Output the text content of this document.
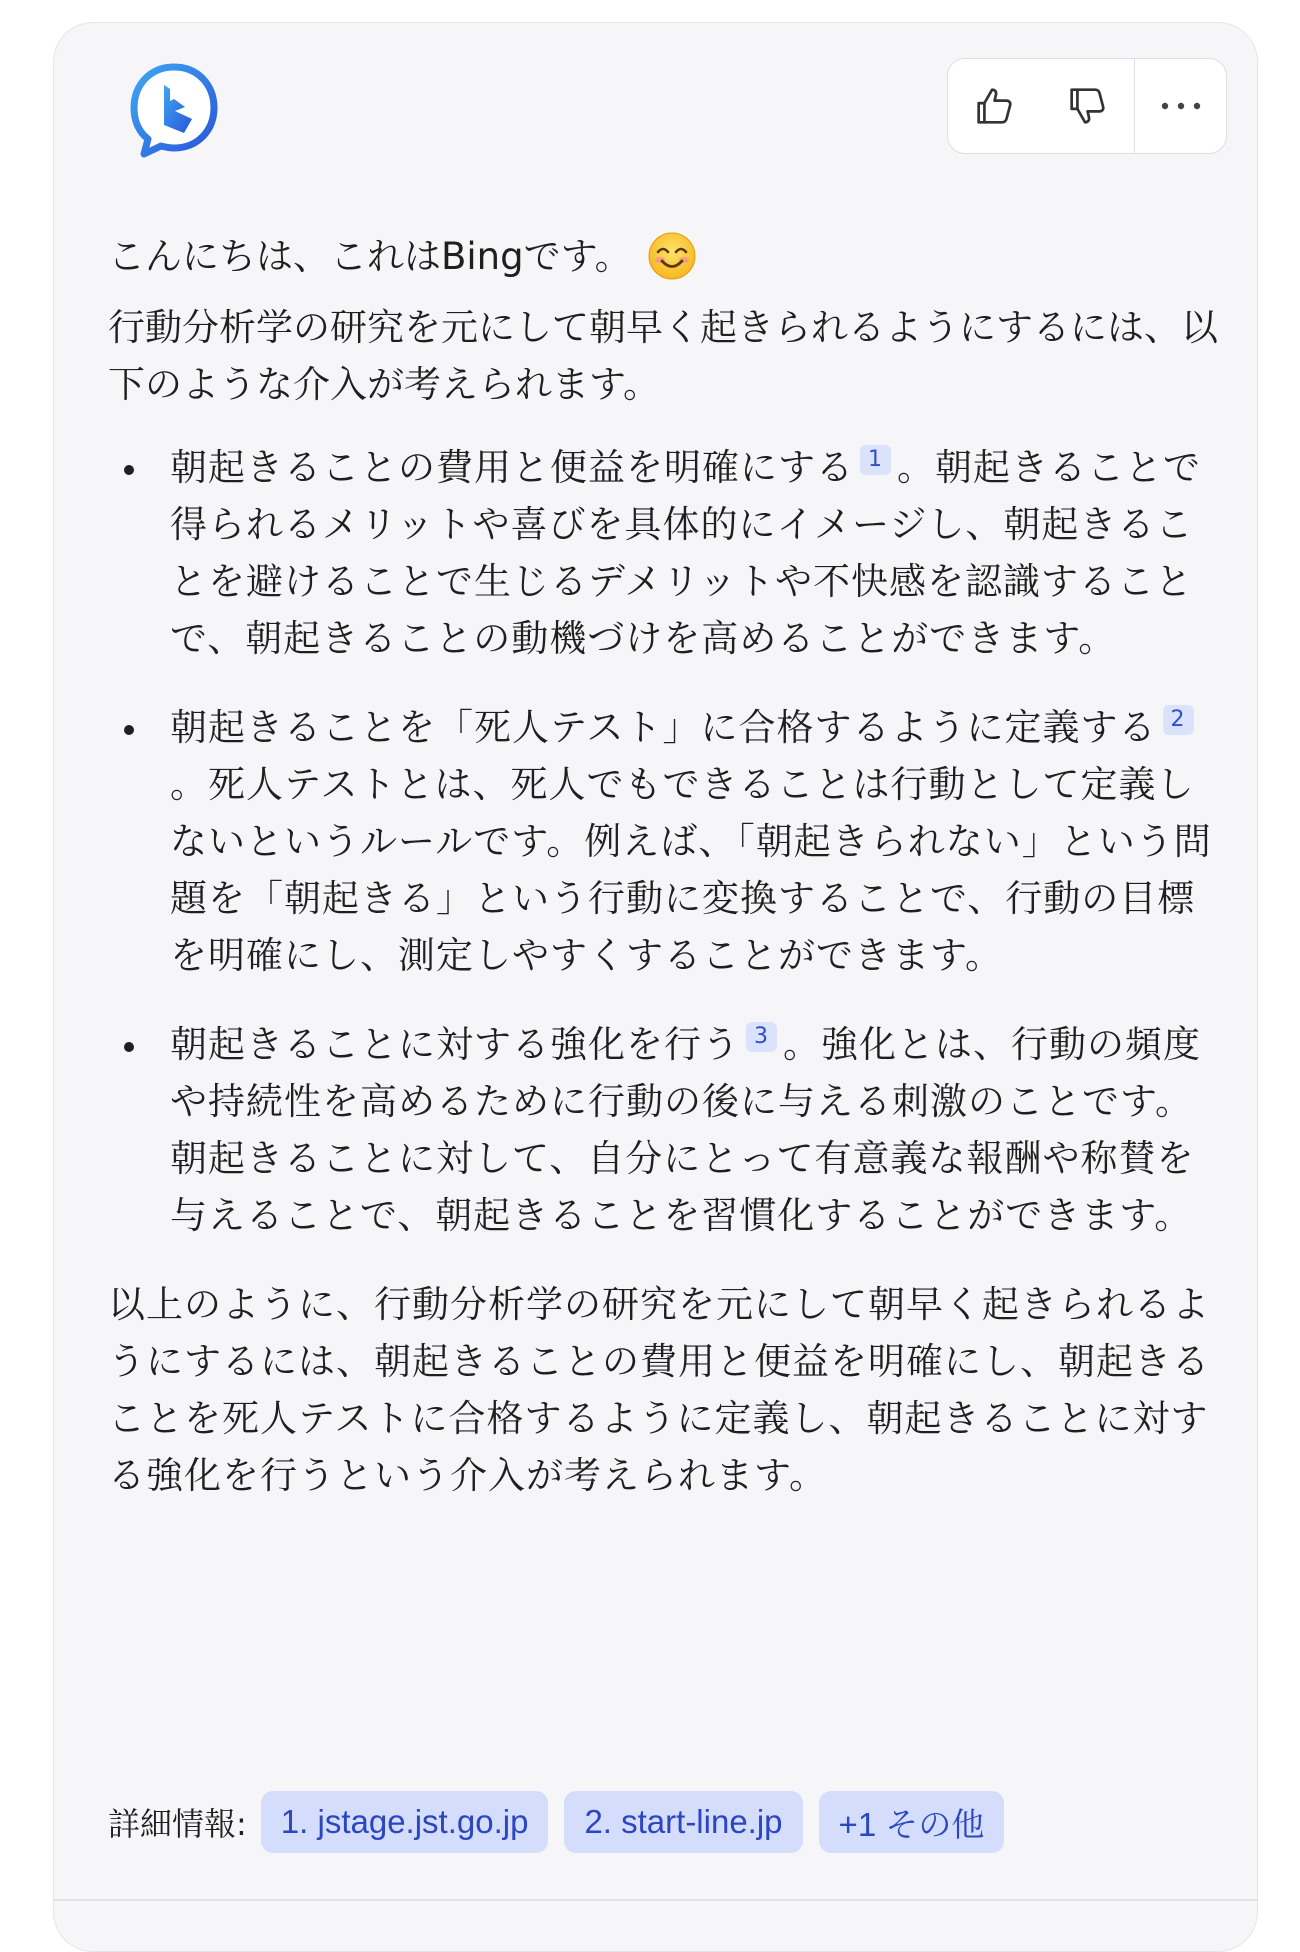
こんにちは、これはBingです。

行動分析学の研究を元にして朝早く起きられるようにするには、以下のような介入が考えられます。

朝起きることの費用と便益を明確にする 1 。朝起きることで得られるメリットや喜びを具体的にイメージし、朝起きることを避けることで生じるデメリットや不快感を認識することで、朝起きることの動機づけを高めることができます。
朝起きることを「死人テスト」に合格するように定義する 2。死人テストとは、死人でもできることは行動として定義しないというルールです。例えば、「朝起きられない」という問題を「朝起きる」という行動に変換することで、行動の目標を明確にし、測定しやすくすることができます。
朝起きることに対する強化を行う 3 。強化とは、行動の頻度や持続性を高めるために行動の後に与える刺激のことです。朝起きることに対して、自分にとって有意義な報酬や称賛を与えることで、朝起きることを習慣化することができます。

以上のように、行動分析学の研究を元にして朝早く起きられるようにするには、朝起きることの費用と便益を明確にし、朝起きることを死人テストに合格するように定義し、朝起きることに対する強化を行うという介入が考えられます。

詳細情報:	1. jstage.jst.go.jp	2. start-line.jp	+1 その他
